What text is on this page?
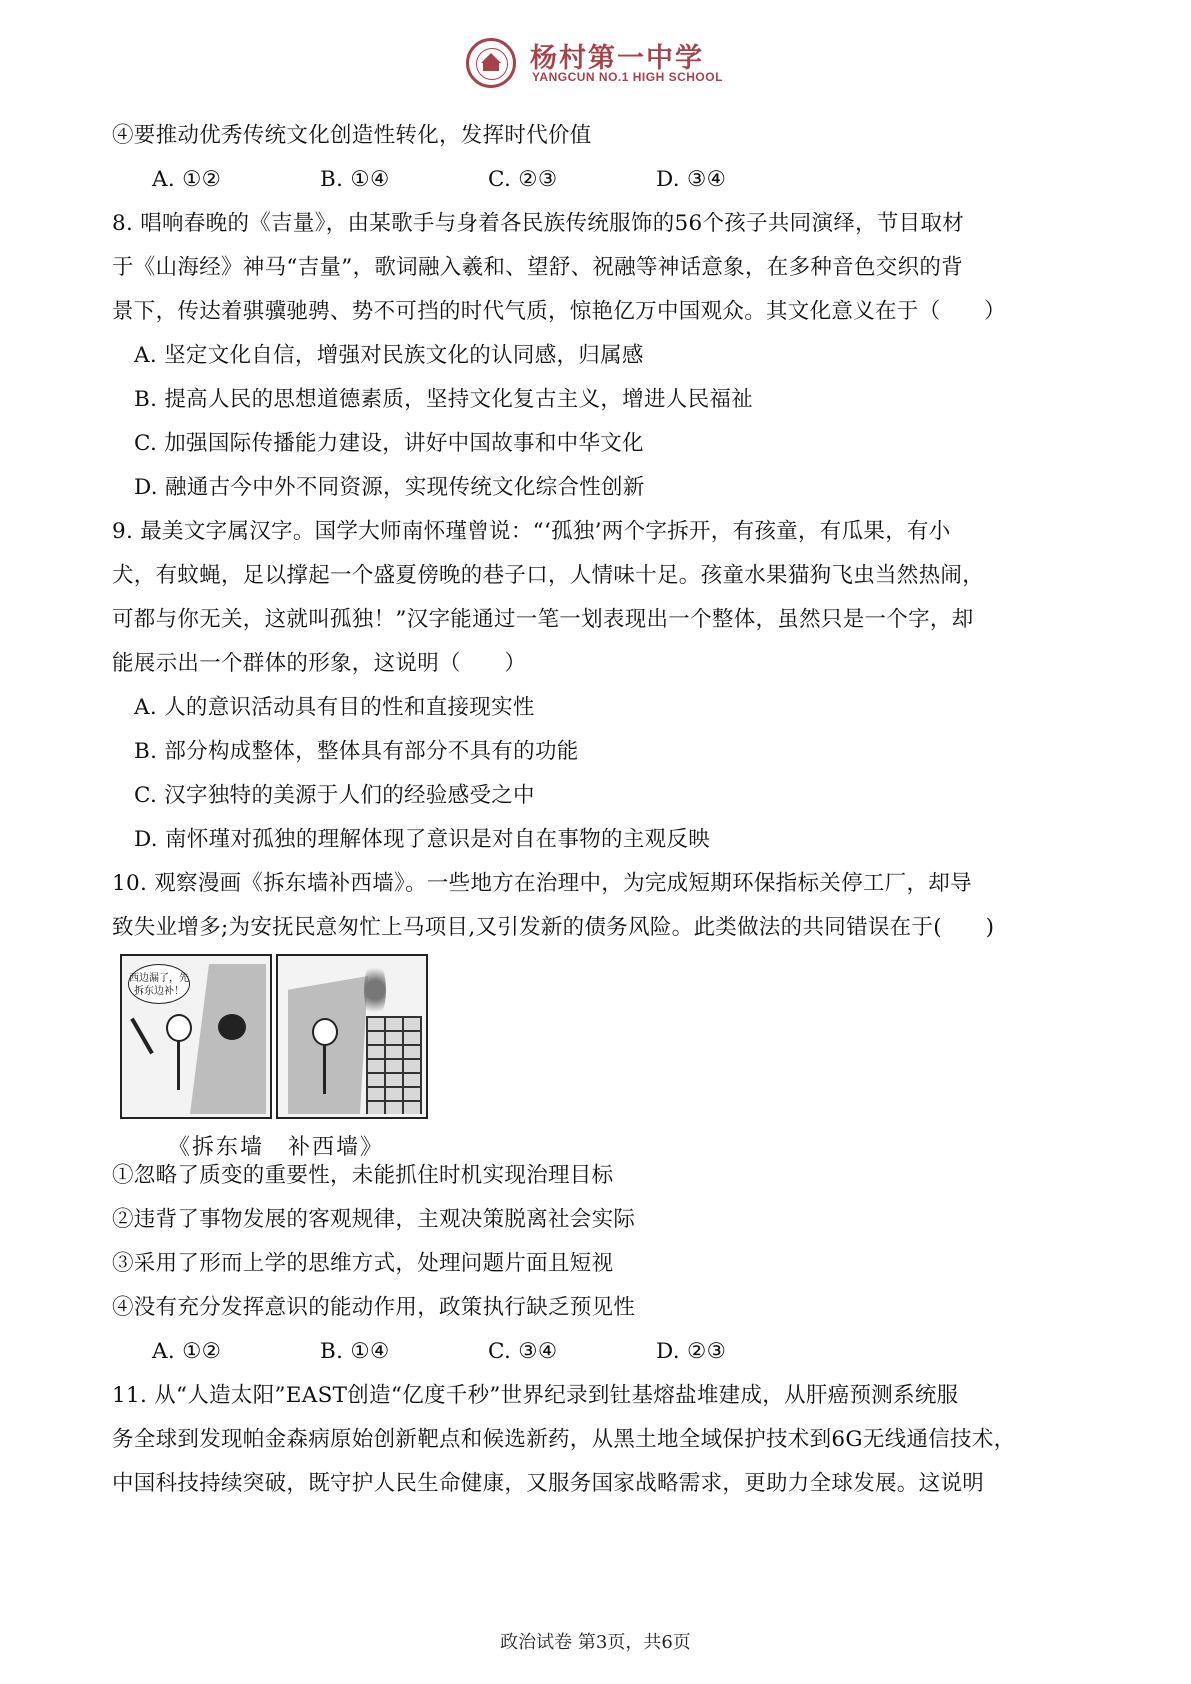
杨村第一中学
YANGCUN NO.1 HIGH SCHOOL
④要推动优秀传统文化创造性转化，发挥时代价值
A. ①②	B. ①④	C. ②③	D. ③④
8. 唱响春晚的《吉量》，由某歌手与身着各民族传统服饰的56个孩子共同演绎，节目取材
于《山海经》神马“吉量”，歌词融入羲和、望舒、祝融等神话意象，在多种音色交织的背
景下，传达着骐骥驰骋、势不可挡的时代气质，惊艳亿万中国观众。其文化意义在于（　　）
A. 坚定文化自信，增强对民族文化的认同感，归属感
B. 提高人民的思想道德素质，坚持文化复古主义，增进人民福祉
C. 加强国际传播能力建设，讲好中国故事和中华文化
D. 融通古今中外不同资源，实现传统文化综合性创新
9. 最美文字属汉字。国学大师南怀瑾曾说：“‘孤独’两个字拆开，有孩童，有瓜果，有小
犬，有蚊蝇，足以撑起一个盛夏傍晚的巷子口，人情味十足。孩童水果猫狗飞虫当然热闹，
可都与你无关，这就叫孤独！”汉字能通过一笔一划表现出一个整体，虽然只是一个字，却
能展示出一个群体的形象，这说明（　　）
A. 人的意识活动具有目的性和直接现实性
B. 部分构成整体，整体具有部分不具有的功能
C. 汉字独特的美源于人们的经验感受之中
D. 南怀瑾对孤独的理解体现了意识是对自在事物的主观反映
10. 观察漫画《拆东墙补西墙》。一些地方在治理中，为完成短期环保指标关停工厂，却导
致失业增多;为安抚民意匆忙上马项目,又引发新的债务风险。此类做法的共同错误在于(　　)
西边漏了，先拆东边补！
《拆东墙　补西墙》
①忽略了质变的重要性，未能抓住时机实现治理目标
②违背了事物发展的客观规律，主观决策脱离社会实际
③采用了形而上学的思维方式，处理问题片面且短视
④没有充分发挥意识的能动作用，政策执行缺乏预见性
A. ①②	B. ①④	C. ③④	D. ②③
11. 从“人造太阳”EAST创造“亿度千秒”世界纪录到钍基熔盐堆建成，从肝癌预测系统服
务全球到发现帕金森病原始创新靶点和候选新药，从黑土地全域保护技术到6G无线通信技术，
中国科技持续突破，既守护人民生命健康，又服务国家战略需求，更助力全球发展。这说明
政治试卷 第3页，共6页
